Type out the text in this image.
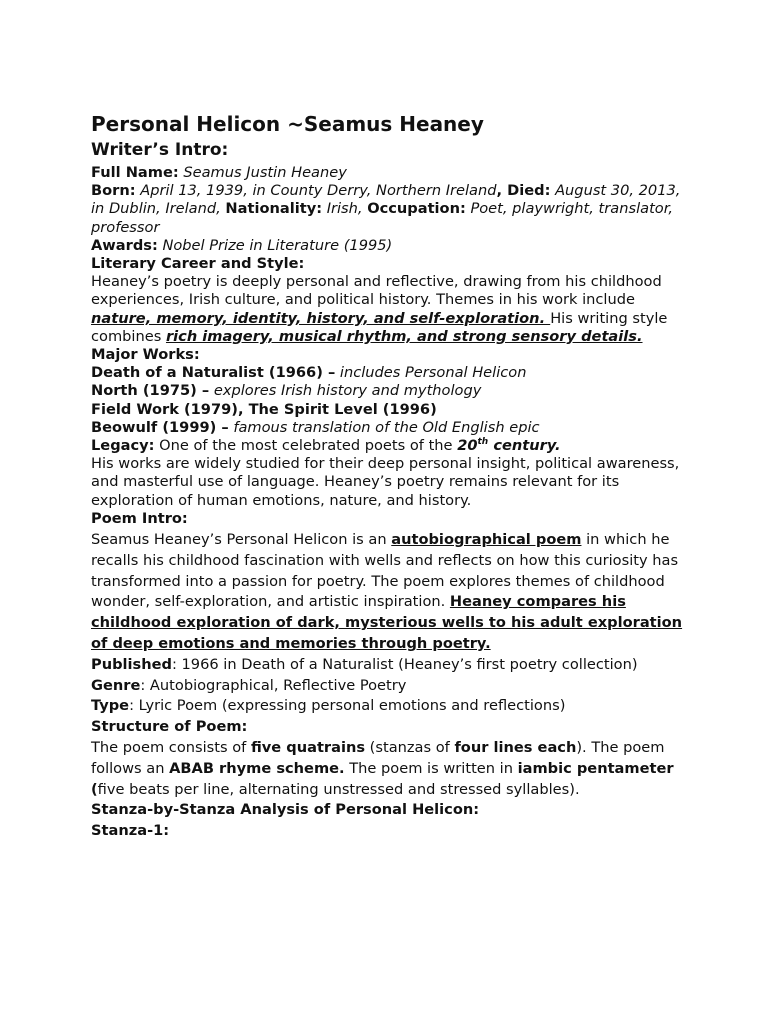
Personal Helicon ~Seamus Heaney
Writer’s Intro:

Full Name: Seamus Justin Heaney

Born: April 13, 1939, in County Derry, Northern Ireland, Died: August 30, 2013, in Dublin, Ireland, Nationality: Irish, Occupation: Poet, playwright, translator, professor

Awards: Nobel Prize in Literature (1995)

Literary Career and Style:

Heaney’s poetry is deeply personal and reflective, drawing from his childhood experiences, Irish culture, and political history. Themes in his work include nature, memory, identity, history, and self-exploration. His writing style combines rich imagery, musical rhythm, and strong sensory details.

Major Works:

Death of a Naturalist (1966) – includes Personal Helicon

North (1975) – explores Irish history and mythology

Field Work (1979), The Spirit Level (1996)

Beowulf (1999) – famous translation of the Old English epic

Legacy: One of the most celebrated poets of the 20th century.

His works are widely studied for their deep personal insight, political awareness, and masterful use of language. Heaney’s poetry remains relevant for its exploration of human emotions, nature, and history.

Poem Intro:

Seamus Heaney’s Personal Helicon is an autobiographical poem in which he recalls his childhood fascination with wells and reflects on how this curiosity has transformed into a passion for poetry. The poem explores themes of childhood wonder, self-exploration, and artistic inspiration. Heaney compares his childhood exploration of dark, mysterious wells to his adult exploration of deep emotions and memories through poetry.

Published: 1966 in Death of a Naturalist (Heaney’s first poetry collection)

Genre: Autobiographical, Reflective Poetry

Type: Lyric Poem (expressing personal emotions and reflections)

Structure of Poem:

The poem consists of five quatrains (stanzas of four lines each). The poem follows an ABAB rhyme scheme. The poem is written in iambic pentameter (five beats per line, alternating unstressed and stressed syllables).

Stanza-by-Stanza Analysis of Personal Helicon:

Stanza-1:
